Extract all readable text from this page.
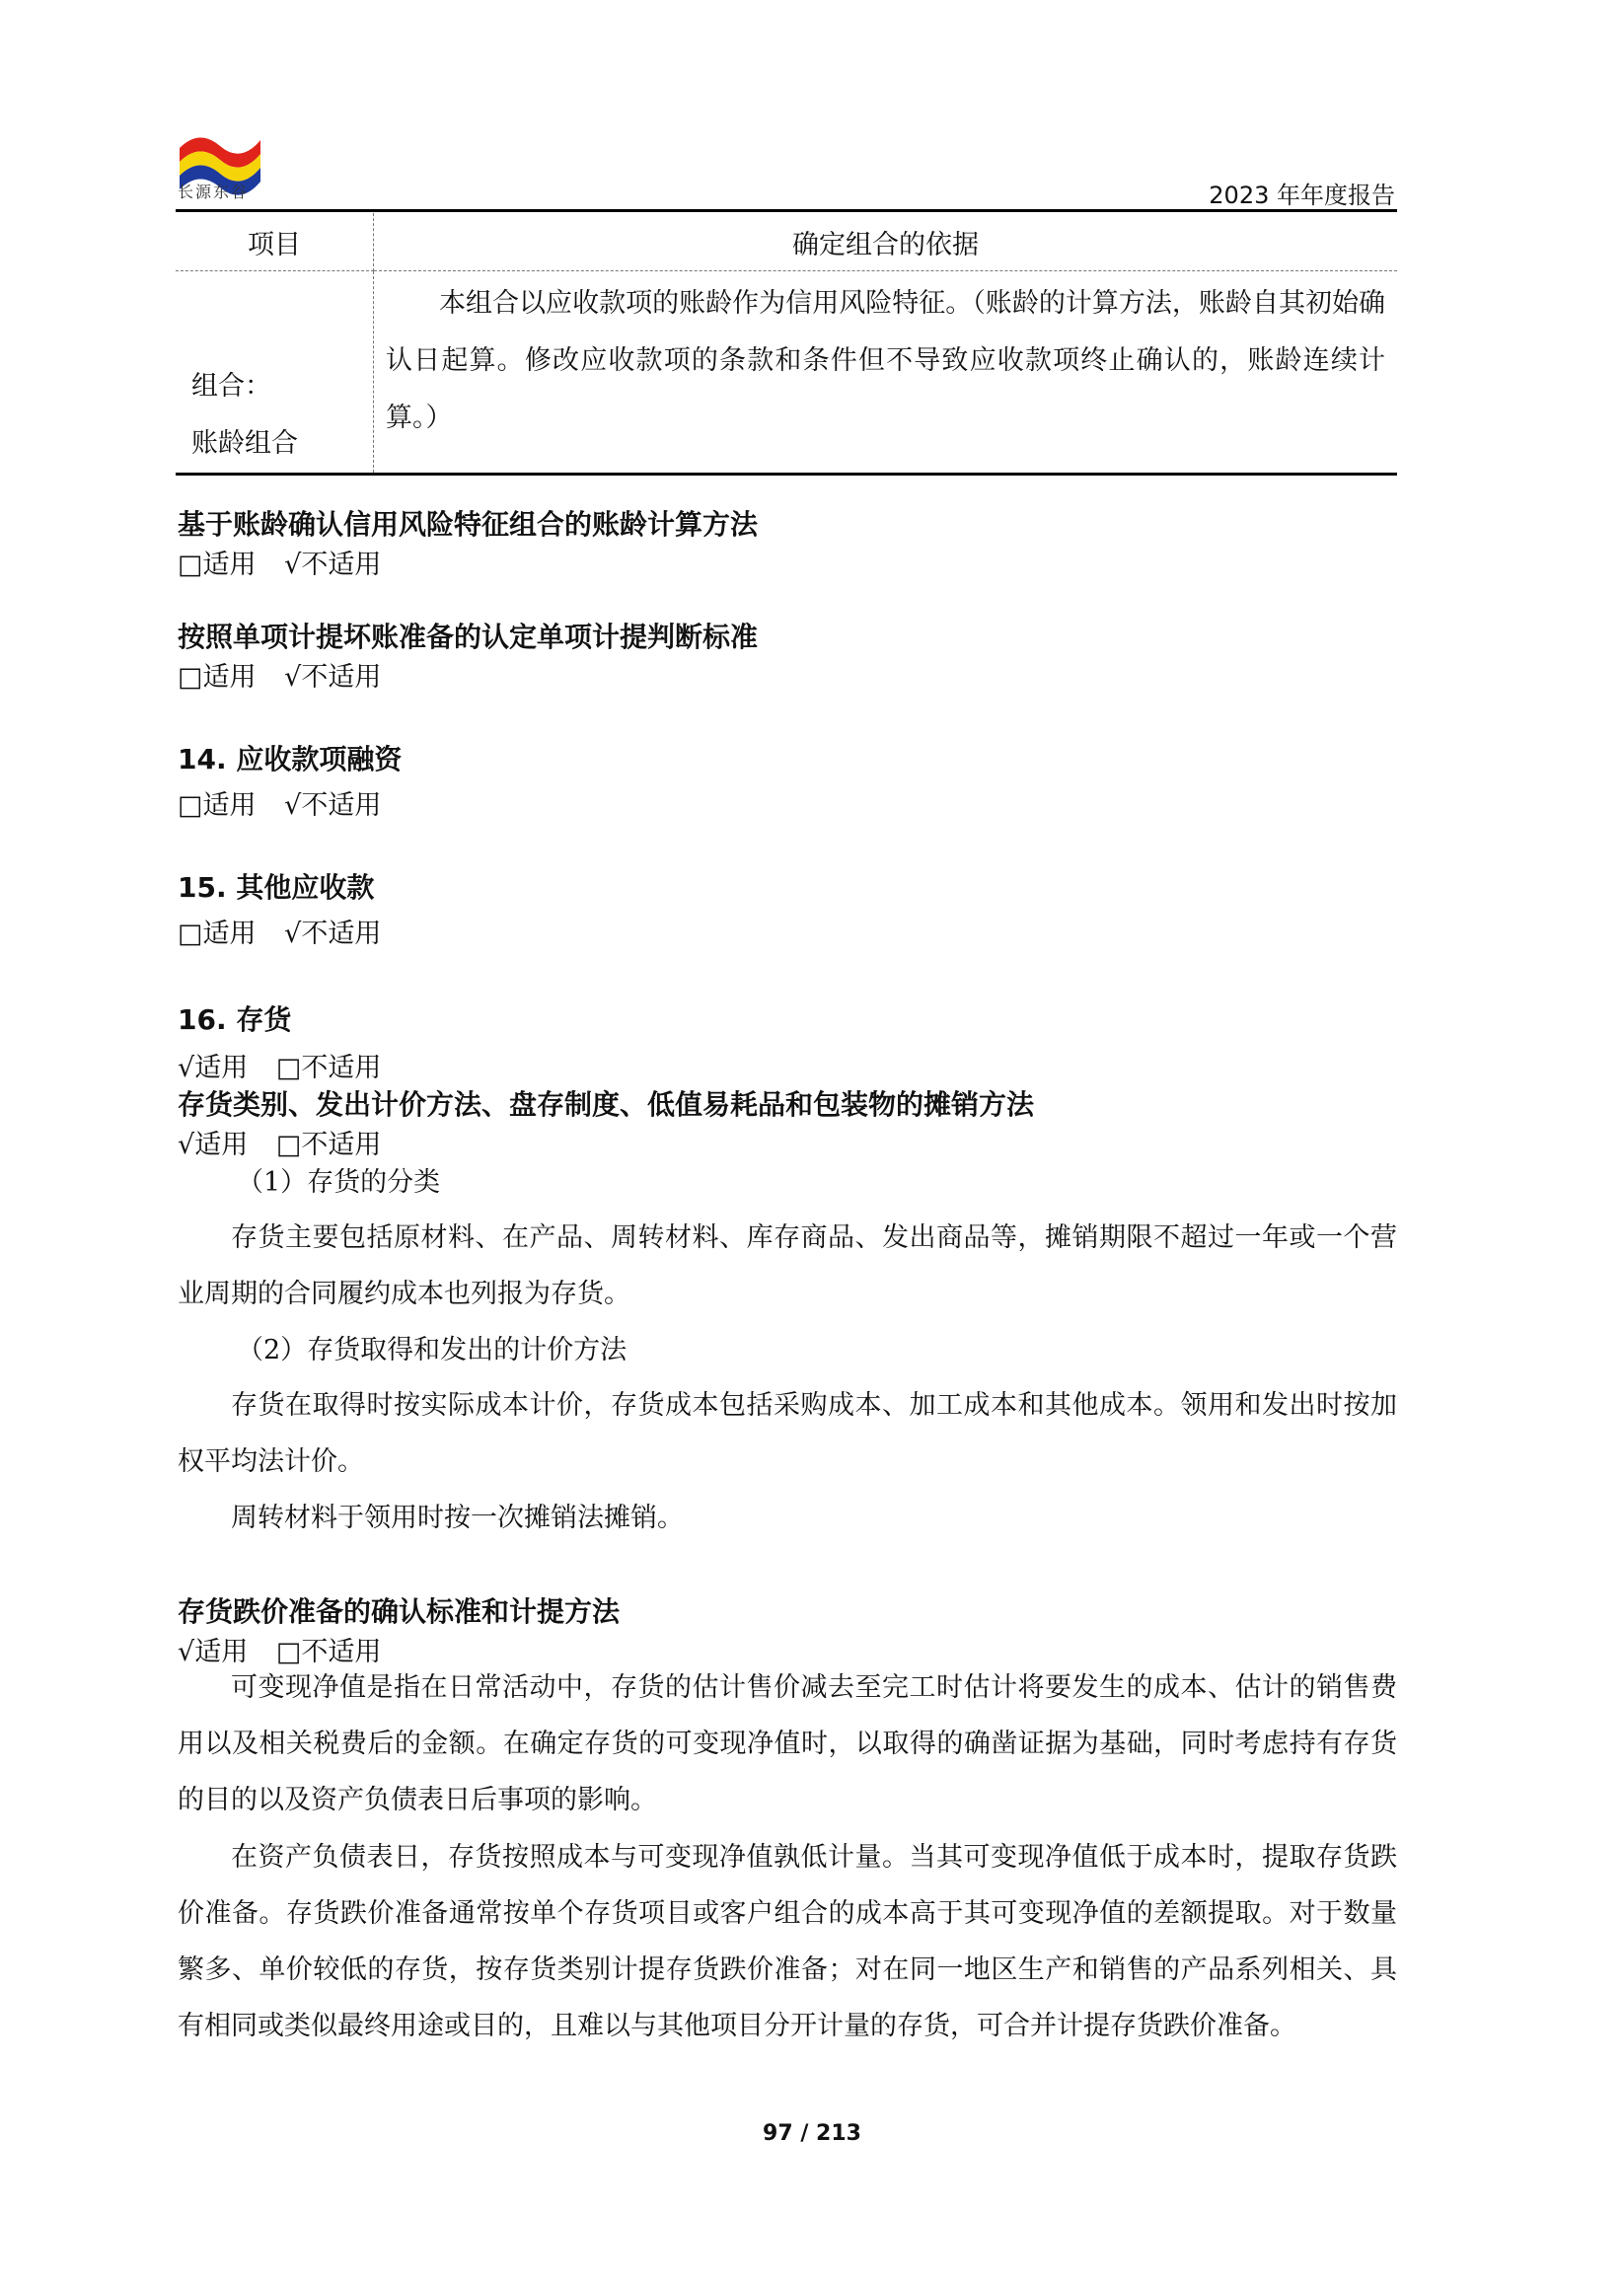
长源东谷	2023 年年度报告
项目	确定组合的依据

组合：
账龄组合	本组合以应收款项的账龄作为信用风险特征。（账龄的计算方法，账龄自其初始确认日起算。修改应收款项的条款和条件但不导致应收款项终止确认的，账龄连续计算。）
基于账龄确认信用风险特征组合的账龄计算方法
□适用 √不适用
按照单项计提坏账准备的认定单项计提判断标准
□适用 √不适用
14. 应收款项融资
□适用 √不适用
15. 其他应收款
□适用 √不适用
16. 存货
√适用 □不适用
存货类别、发出计价方法、盘存制度、低值易耗品和包装物的摊销方法
√适用 □不适用
（1）存货的分类
存货主要包括原材料、在产品、周转材料、库存商品、发出商品等，摊销期限不超过一年或一个营业周期的合同履约成本也列报为存货。
（2）存货取得和发出的计价方法
存货在取得时按实际成本计价，存货成本包括采购成本、加工成本和其他成本。领用和发出时按加权平均法计价。
周转材料于领用时按一次摊销法摊销。
存货跌价准备的确认标准和计提方法
√适用 □不适用
可变现净值是指在日常活动中，存货的估计售价减去至完工时估计将要发生的成本、估计的销售费用以及相关税费后的金额。在确定存货的可变现净值时，以取得的确凿证据为基础，同时考虑持有存货的目的以及资产负债表日后事项的影响。
在资产负债表日，存货按照成本与可变现净值孰低计量。当其可变现净值低于成本时，提取存货跌价准备。存货跌价准备通常按单个存货项目或客户组合的成本高于其可变现净值的差额提取。对于数量繁多、单价较低的存货，按存货类别计提存货跌价准备；对在同一地区生产和销售的产品系列相关、具有相同或类似最终用途或目的，且难以与其他项目分开计量的存货，可合并计提存货跌价准备。
97 / 213
